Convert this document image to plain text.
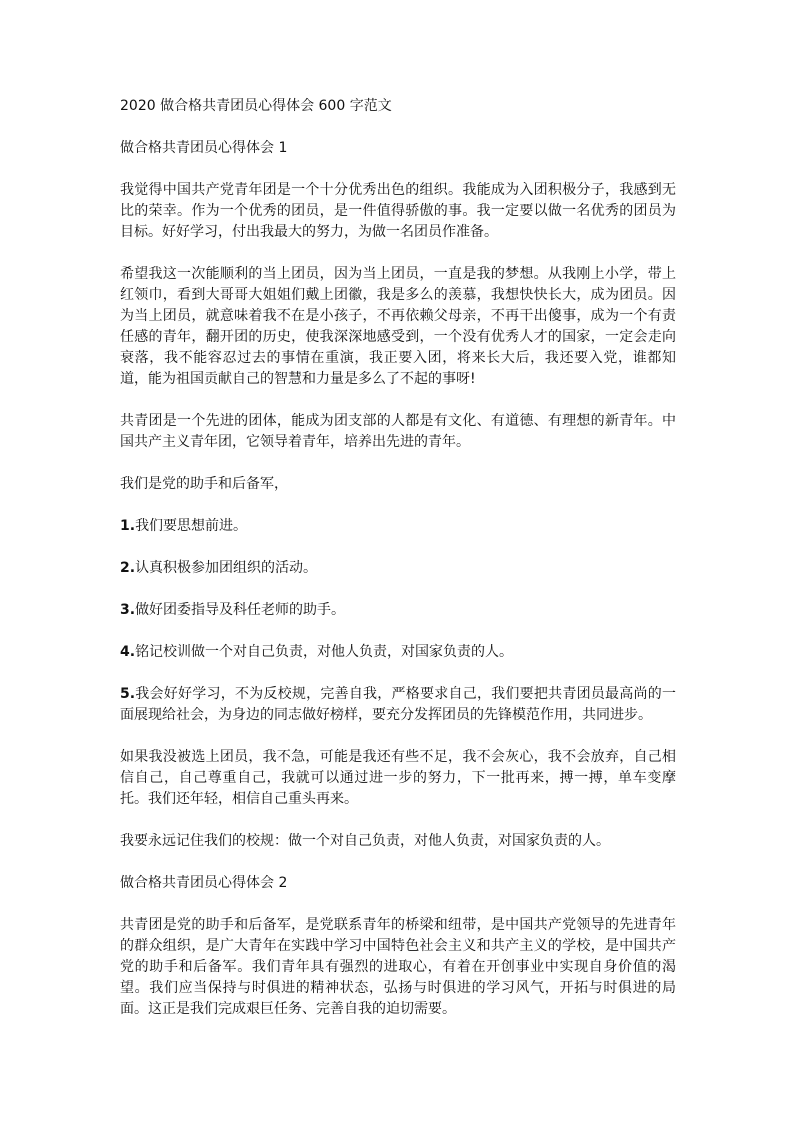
2020 做合格共青团员心得体会 600 字范文

做合格共青团员心得体会 1

我觉得中国共产党青年团是一个十分优秀出色的组织。我能成为入团积极分子，我感到无比的荣幸。作为一个优秀的团员，是一件值得骄傲的事。我一定要以做一名优秀的团员为目标。好好学习，付出我最大的努力，为做一名团员作准备。

希望我这一次能顺利的当上团员，因为当上团员，一直是我的梦想。从我刚上小学，带上红领巾，看到大哥哥大姐姐们戴上团徽，我是多么的羡慕，我想快快长大，成为团员。因为当上团员，就意味着我不在是小孩子，不再依赖父母亲，不再干出傻事，成为一个有责任感的青年，翻开团的历史，使我深深地感受到，一个没有优秀人才的国家，一定会走向衰落，我不能容忍过去的事情在重演，我正要入团，将来长大后，我还要入党，谁都知道，能为祖国贡献自己的智慧和力量是多么了不起的事呀!

共青团是一个先进的团体，能成为团支部的人都是有文化、有道德、有理想的新青年。中国共产主义青年团，它领导着青年，培养出先进的青年。

我们是党的助手和后备军，

1.我们要思想前进。

2.认真积极参加团组织的活动。

3.做好团委指导及科任老师的助手。

4.铭记校训做一个对自己负责，对他人负责，对国家负责的人。

5.我会好好学习，不为反校规，完善自我，严格要求自己，我们要把共青团员最高尚的一面展现给社会，为身边的同志做好榜样，要充分发挥团员的先锋模范作用，共同进步。

如果我没被选上团员，我不急，可能是我还有些不足，我不会灰心，我不会放弃，自己相信自己，自己尊重自己，我就可以通过进一步的努力，下一批再来，搏一搏，单车变摩托。我们还年轻，相信自己重头再来。

我要永远记住我们的校规：做一个对自己负责，对他人负责，对国家负责的人。

做合格共青团员心得体会 2

共青团是党的助手和后备军，是党联系青年的桥梁和纽带，是中国共产党领导的先进青年的群众组织，是广大青年在实践中学习中国特色社会主义和共产主义的学校，是中国共产党的助手和后备军。我们青年具有强烈的进取心，有着在开创事业中实现自身价值的渴望。我们应当保持与时俱进的精神状态，弘扬与时俱进的学习风气，开拓与时俱进的局面。这正是我们完成艰巨任务、完善自我的迫切需要。
